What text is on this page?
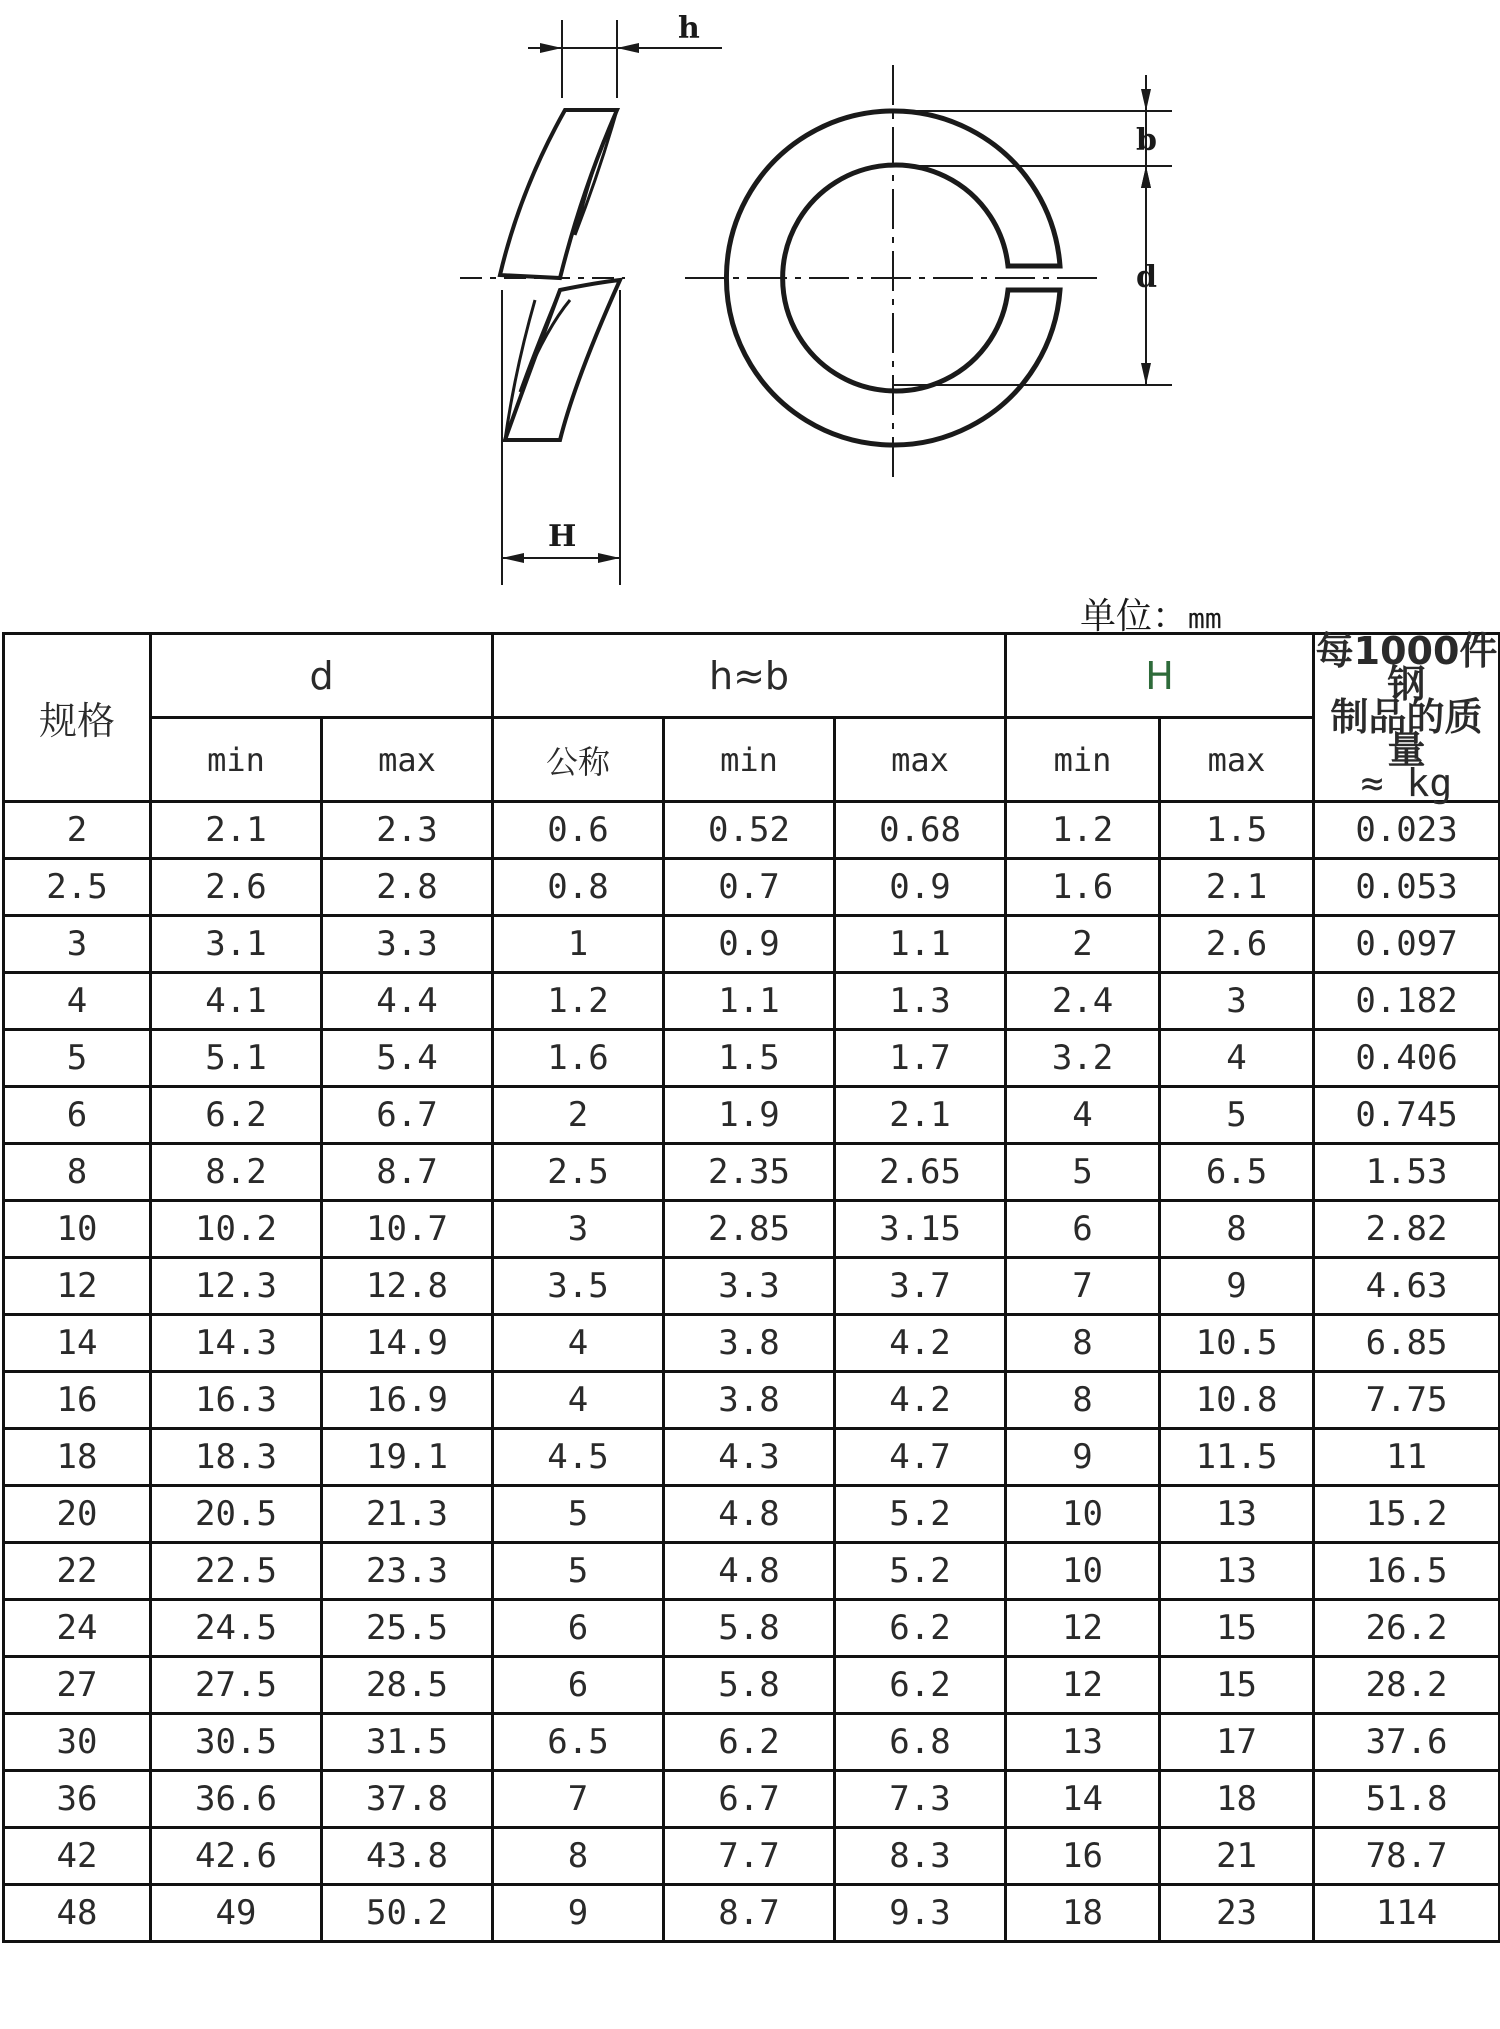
h
b
d
H
单位：mm
规格	d		h≈b			H		每1000件钢
制品的质量
≈ kg
	min	max	公称	min	max	min	max	
2	2.1	2.3	0.6	0.52	0.68	1.2	1.5	0.023
2.5	2.6	2.8	0.8	0.7	0.9	1.6	2.1	0.053
3	3.1	3.3	1	0.9	1.1	2	2.6	0.097
4	4.1	4.4	1.2	1.1	1.3	2.4	3	0.182
5	5.1	5.4	1.6	1.5	1.7	3.2	4	0.406
6	6.2	6.7	2	1.9	2.1	4	5	0.745
8	8.2	8.7	2.5	2.35	2.65	5	6.5	1.53
10	10.2	10.7	3	2.85	3.15	6	8	2.82
12	12.3	12.8	3.5	3.3	3.7	7	9	4.63
14	14.3	14.9	4	3.8	4.2	8	10.5	6.85
16	16.3	16.9	4	3.8	4.2	8	10.8	7.75
18	18.3	19.1	4.5	4.3	4.7	9	11.5	11
20	20.5	21.3	5	4.8	5.2	10	13	15.2
22	22.5	23.3	5	4.8	5.2	10	13	16.5
24	24.5	25.5	6	5.8	6.2	12	15	26.2
27	27.5	28.5	6	5.8	6.2	12	15	28.2
30	30.5	31.5	6.5	6.2	6.8	13	17	37.6
36	36.6	37.8	7	6.7	7.3	14	18	51.8
42	42.6	43.8	8	7.7	8.3	16	21	78.7
48	49	50.2	9	8.7	9.3	18	23	114
